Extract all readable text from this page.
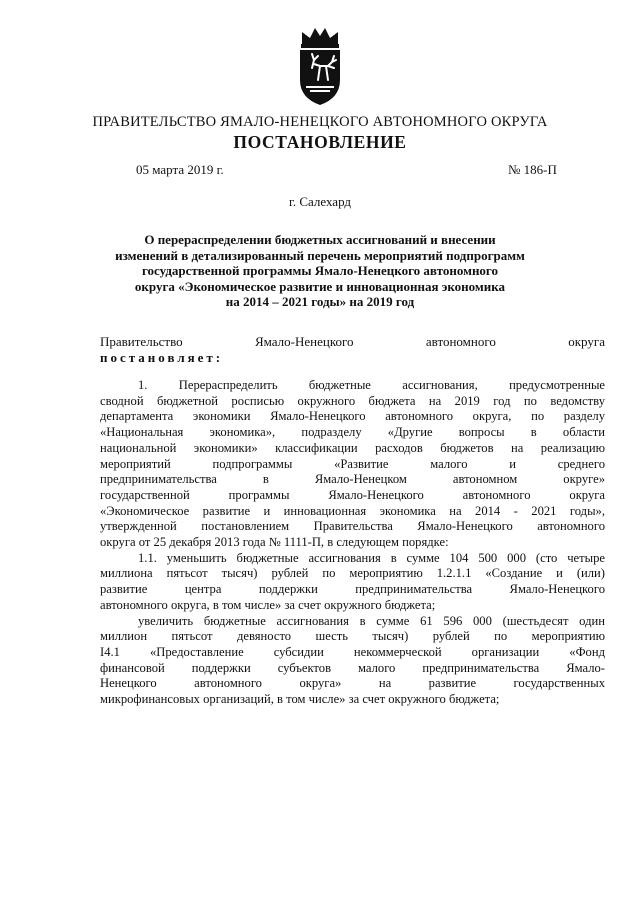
ПРАВИТЕЛЬСТВО ЯМАЛО-НЕНЕЦКОГО АВТОНОМНОГО ОКРУГА
ПОСТАНОВЛЕНИЕ
05 марта 2019 г.	№ 186-П
г. Салехард
О перераспределении бюджетных ассигнований и внесении
изменений в детализированный перечень мероприятий подпрограмм
государственной программы Ямало-Ненецкого автономного
округа «Экономическое развитие и инновационная экономика
на 2014 – 2021 годы» на 2019 год
Правительство	Ямало-Ненецкого	автономного	округа
постановляет:
1. Перераспределить бюджетные ассигнования, предусмотренные
сводной бюджетной росписью окружного бюджета на 2019 год по ведомству
департамента экономики Ямало-Ненецкого автономного округа, по разделу
«Национальная экономика», подразделу «Другие вопросы в области
национальной экономики» классификации расходов бюджетов на реализацию
мероприятий подпрограммы «Развитие малого и среднего
предпринимательства в Ямало-Ненецком автономном округе»
государственной программы Ямало-Ненецкого автономного округа
«Экономическое развитие и инновационная экономика на 2014 - 2021 годы»,
утвержденной постановлением Правительства Ямало-Ненецкого автономного
округа от 25 декабря 2013 года № 1111-П, в следующем порядке:
1.1. уменьшить бюджетные ассигнования в сумме 104 500 000 (сто четыре
миллиона пятьсот тысяч) рублей по мероприятию 1.2.1.1 «Создание и (или)
развитие центра поддержки предпринимательства Ямало-Ненецкого
автономного округа, в том числе» за счет окружного бюджета;
увеличить бюджетные ассигнования в сумме 61 596 000 (шестьдесят один
миллион пятьсот девяносто шесть тысяч) рублей по мероприятию
I4.1 «Предоставление субсидии некоммерческой организации «Фонд
финансовой поддержки субъектов малого предпринимательства Ямало-
Ненецкого автономного округа» на развитие государственных
микрофинансовых организаций, в том числе» за счет окружного бюджета;
